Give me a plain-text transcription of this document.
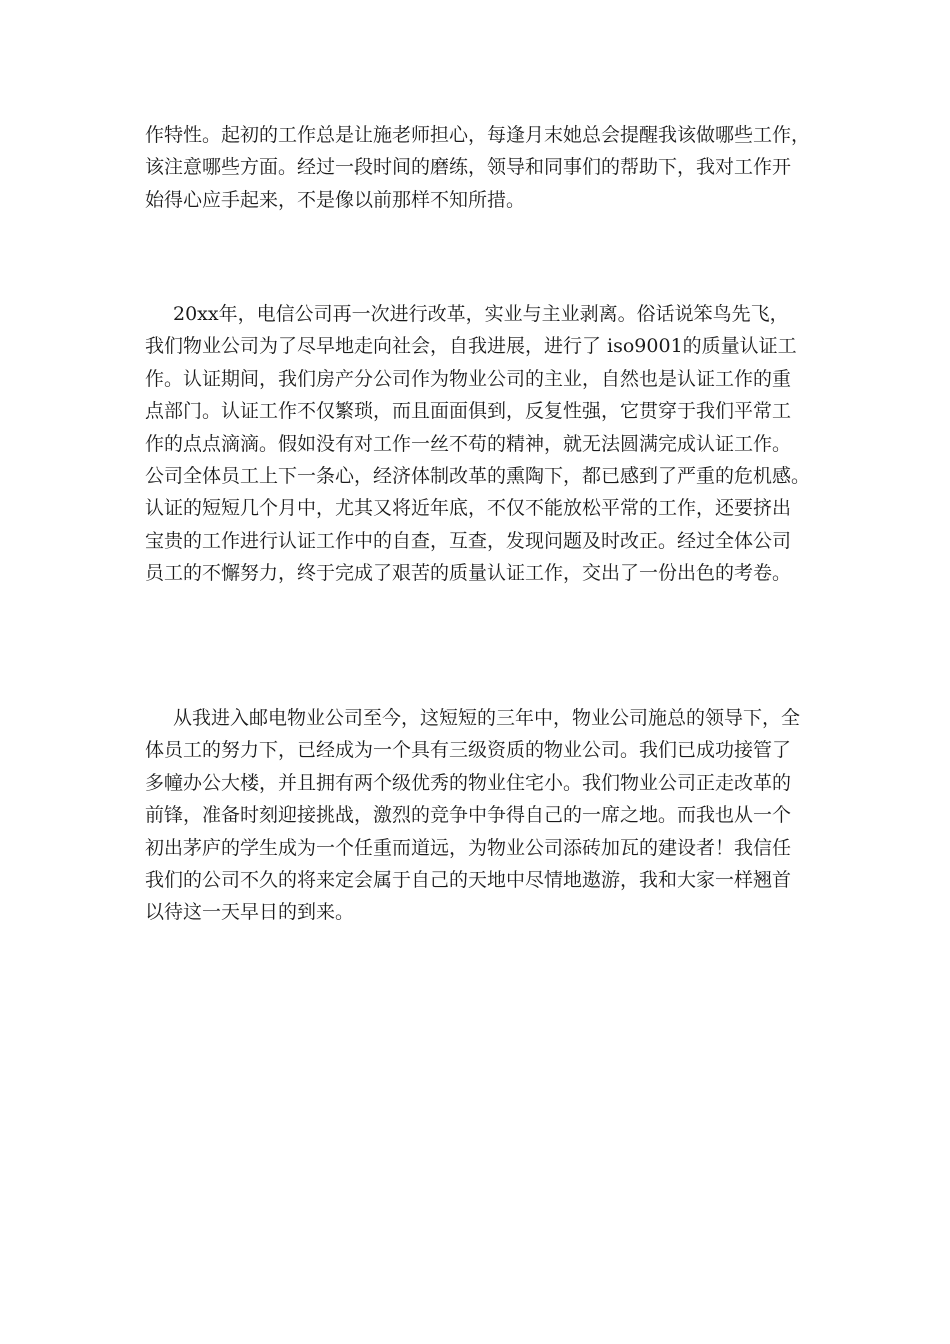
作特性。起初的工作总是让施老师担心，每逢月末她总会提醒我该做哪些工作，
该注意哪些方面。经过一段时间的磨练，领导和同事们的帮助下，我对工作开
始得心应手起来，不是像以前那样不知所措。

20xx年，电信公司再一次进行改革，实业与主业剥离。俗话说笨鸟先飞，
我们物业公司为了尽早地走向社会，自我进展，进行了 iso9001的质量认证工
作。认证期间，我们房产分公司作为物业公司的主业，自然也是认证工作的重
点部门。认证工作不仅繁琐，而且面面俱到，反复性强，它贯穿于我们平常工
作的点点滴滴。假如没有对工作一丝不苟的精神，就无法圆满完成认证工作。
公司全体员工上下一条心，经济体制改革的熏陶下，都已感到了严重的危机感。
认证的短短几个月中，尤其又将近年底，不仅不能放松平常的工作，还要挤出
宝贵的工作进行认证工作中的自查，互查，发现问题及时改正。经过全体公司
员工的不懈努力，终于完成了艰苦的质量认证工作，交出了一份出色的考卷。

从我进入邮电物业公司至今，这短短的三年中，物业公司施总的领导下，全
体员工的努力下，已经成为一个具有三级资质的物业公司。我们已成功接管了
多幢办公大楼，并且拥有两个级优秀的物业住宅小。我们物业公司正走改革的
前锋，准备时刻迎接挑战，激烈的竞争中争得自己的一席之地。而我也从一个
初出茅庐的学生成为一个任重而道远，为物业公司添砖加瓦的建设者！我信任
我们的公司不久的将来定会属于自己的天地中尽情地遨游，我和大家一样翘首
以待这一天早日的到来。
